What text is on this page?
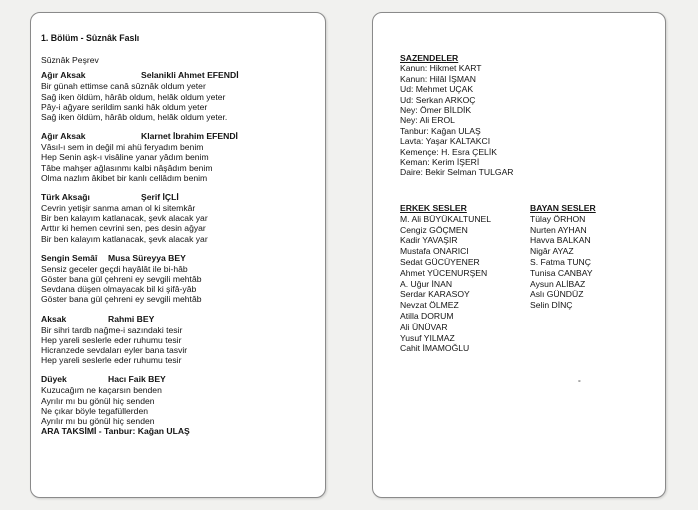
1. Bölüm - Sûznâk Faslı
Sûznâk Peşrev
Ağır Aksak	Selanikli Ahmet EFENDİ
Bir günah ettimse canâ sûznâk oldum yeter
Sağ iken öldüm, hârâb oldum, helâk oldum yeter
Pây-i ağyare serildim sanki hâk oldum yeter
Sağ iken öldüm, hârâb oldum, helâk oldum yeter.
Ağır Aksak	Klarnet İbrahim EFENDİ
Vâsıl-ı sem in değil mi ahü feryadım benim
Hep Senin aşk-ı visâline yanar yâdım benim
Tâbe mahşer ağlasınmı kalbi nâşâdım benim
Olma nazlım âkibet bir kanlı cellâdım benim
Türk Aksağı	Şerif İÇLİ
Cevrin yetişir sanma aman ol ki sitemkâr
Bir ben kalayım katlanacak, şevk alacak yar
Arttır ki hemen cevrini sen, pes desin ağyar
Bir ben kalayım katlanacak, şevk alacak yar
Sengin Semâî Musa Süreyya BEY
Sensiz geceler geçdi hayâlât ile bi-hâb
Göster bana gül çehreni ey sevgili mehtâb
Sevdana düşen olmayacak bil ki şifâ-yâb
Göster bana gül çehreni ey sevgili mehtâb
Aksak	Rahmi BEY
Bir sihri tardb nağme-i sazındaki tesir
Hep yareli seslerle eder ruhumu tesir
Hicranzede sevdaları eyler bana tasvir
Hep yareli seslerle eder ruhumu tesir
Düyek	Hacı Faik BEY
Kuzucağım ne kaçarsın benden
Ayrılır mı bu gönül hiç senden
Ne çıkar böyle tegafüllerden
Ayrılır mı bu gönül hiç senden
ARA TAKSİMİ - Tanbur: Kağan ULAŞ
SAZENDELER
Kanun: Hikmet KART
Kanun: Hilâl İŞMAN
Ud: Mehmet UÇAK
Ud: Serkan ARKOÇ
Ney: Ömer BİLDİK
Ney: Ali EROL
Tanbur: Kağan ULAŞ
Lavta: Yaşar KALTAKCI
Kemençe: H. Esra ÇELİK
Keman: Kerim İŞERİ
Daire: Bekir Selman TULGAR
ERKEK SESLER
M. Ali BÜYÜKALTUNEL
Cengiz GÖÇMEN
Kadir YAVAŞIR
Mustafa ONARICI
Sedat GÜCÜYENER
Ahmet YÜCENURŞEN
A. Uğur İNAN
Serdar KARASOY
Nevzat ÖLMEZ
Atilla DORUM
Ali ÜNÜVAR
Yusuf YILMAZ
Cahit İMAMOĞLU
BAYAN SESLER
Tülay ÖRHON
Nurten AYHAN
Havva BALKAN
Nigâr AYAZ
S. Fatma TUNÇ
Tunisa CANBAY
Aysun ALİBAZ
Aslı GÜNDÜZ
Selin DİNÇ
°
